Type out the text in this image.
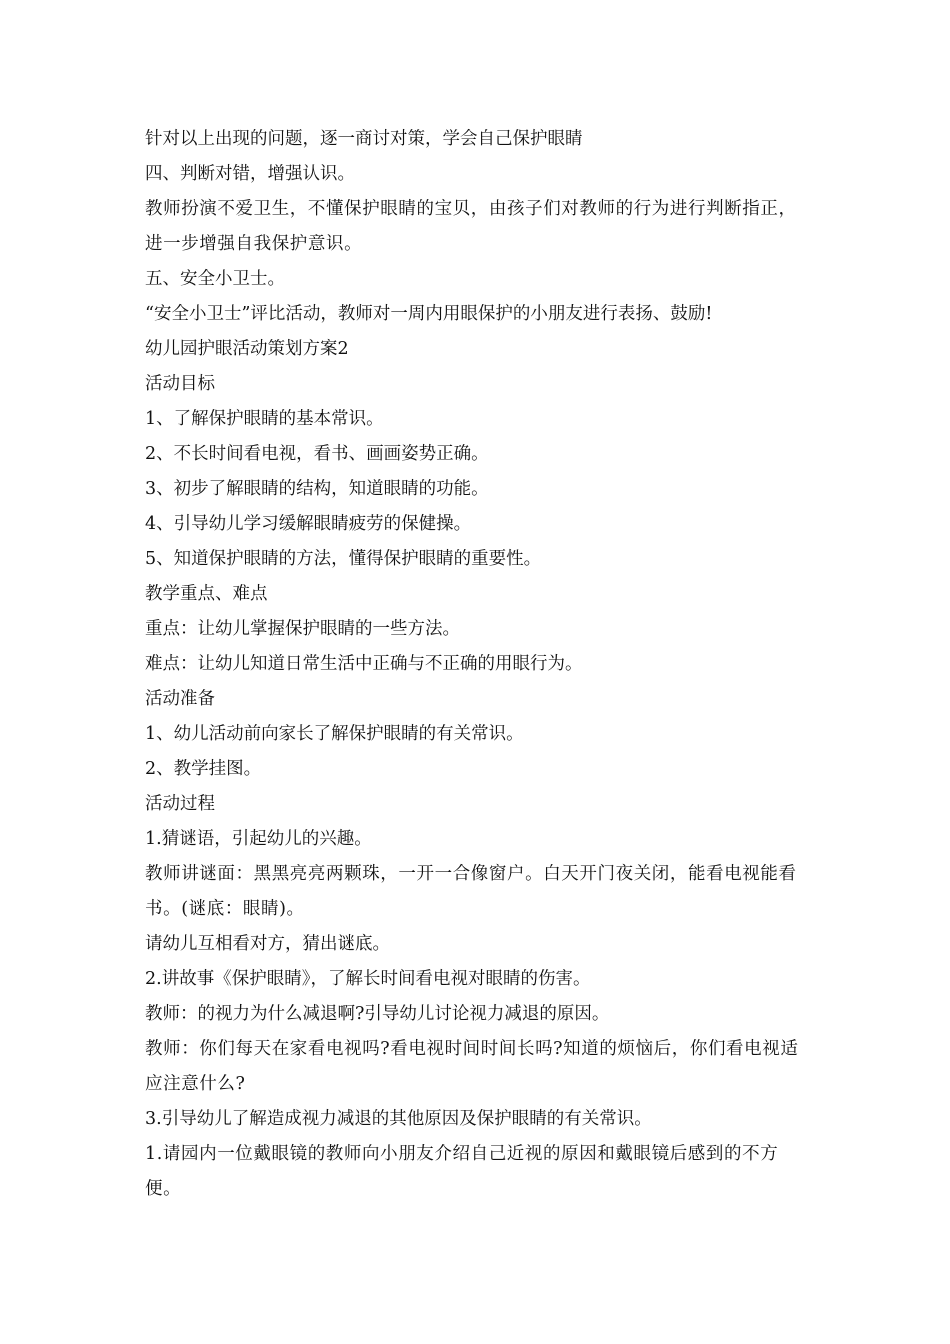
针对以上出现的问题，逐一商讨对策，学会自己保护眼睛

四、判断对错，增强认识。

教师扮演不爱卫生，不懂保护眼睛的宝贝，由孩子们对教师的行为进行判断指正，进一步增强自我保护意识。

五、安全小卫士。

“安全小卫士”评比活动，教师对一周内用眼保护的小朋友进行表扬、鼓励!

幼儿园护眼活动策划方案2

活动目标

1、了解保护眼睛的基本常识。

2、不长时间看电视，看书、画画姿势正确。

3、初步了解眼睛的结构，知道眼睛的功能。

4、引导幼儿学习缓解眼睛疲劳的保健操。

5、知道保护眼睛的方法，懂得保护眼睛的重要性。

教学重点、难点

重点：让幼儿掌握保护眼睛的一些方法。

难点：让幼儿知道日常生活中正确与不正确的用眼行为。

活动准备

1、幼儿活动前向家长了解保护眼睛的有关常识。

2、教学挂图。

活动过程

1.猜谜语，引起幼儿的兴趣。

教师讲谜面：黑黑亮亮两颗珠，一开一合像窗户。白天开门夜关闭，能看电视能看书。(谜底：眼睛)。

请幼儿互相看对方，猜出谜底。

2.讲故事《保护眼睛》，了解长时间看电视对眼睛的伤害。

教师：的视力为什么减退啊?引导幼儿讨论视力减退的原因。

教师：你们每天在家看电视吗?看电视时间时间长吗?知道的烦恼后，你们看电视适应注意什么?

3.引导幼儿了解造成视力减退的其他原因及保护眼睛的有关常识。

1.请园内一位戴眼镜的教师向小朋友介绍自己近视的原因和戴眼镜后感到的不方便。
